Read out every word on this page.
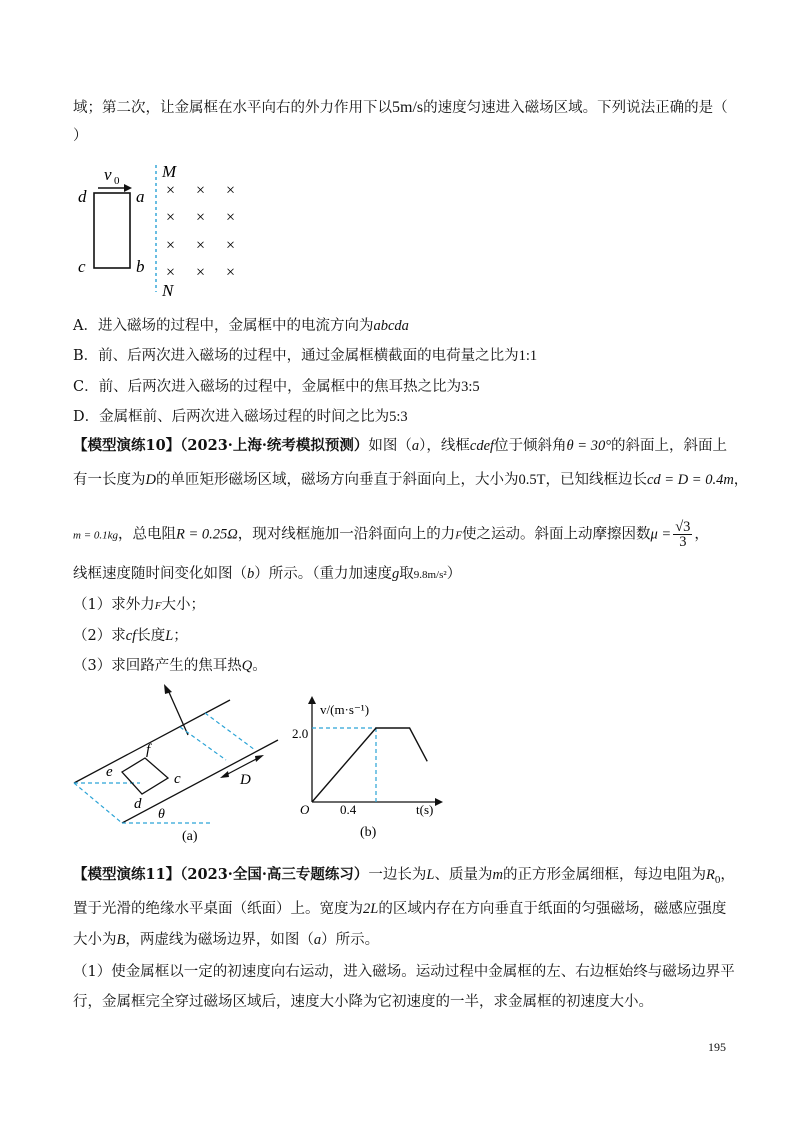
域；第二次，让金属框在水平向右的外力作用下以5m/s的速度匀速进入磁场区域。下列说法正确的是（
）
v 0
d	a
c	b
M
N
× × ×
× × ×
× × ×
× × ×
A．进入磁场的过程中，金属框中的电流方向为abcda
B．前、后两次进入磁场的过程中，通过金属框横截面的电荷量之比为1:1
C．前、后两次进入磁场的过程中，金属框中的焦耳热之比为3:5
D．金属框前、后两次进入磁场过程的时间之比为5:3
【模型演练10】（2023·上海·统考模拟预测）如图（a），线框cdef位于倾斜角θ = 30°的斜面上，斜面上
有一长度为D的单匝矩形磁场区域，磁场方向垂直于斜面向上，大小为0.5T，已知线框边长cd = D = 0.4m，
m = 0.1kg，总电阻R = 0.25Ω，现对线框施加一沿斜面向上的力F使之运动。斜面上动摩擦因数$\mu = \frac{√3}{3}$ ，
线框速度随时间变化如图（b）所示。（重力加速度g取9.8m/s²）
（1）求外力F大小；
（2）求cf长度L；
（3）求回路产生的焦耳热Q。
f
e	c
d
D
θ
(a)
v/(m·s⁻¹)
2.0
O 0.4	t(s)
(b)
【模型演练11】（2023·全国·高三专题练习）一边长为L、质量为m的正方形金属细框，每边电阻为$R_0$，
置于光滑的绝缘水平桌面（纸面）上。宽度为2L的区域内存在方向垂直于纸面的匀强磁场，磁感应强度
大小为B，两虚线为磁场边界，如图（a）所示。
（1）使金属框以一定的初速度向右运动，进入磁场。运动过程中金属框的左、右边框始终与磁场边界平
行，金属框完全穿过磁场区域后，速度大小降为它初速度的一半，求金属框的初速度大小。
195
